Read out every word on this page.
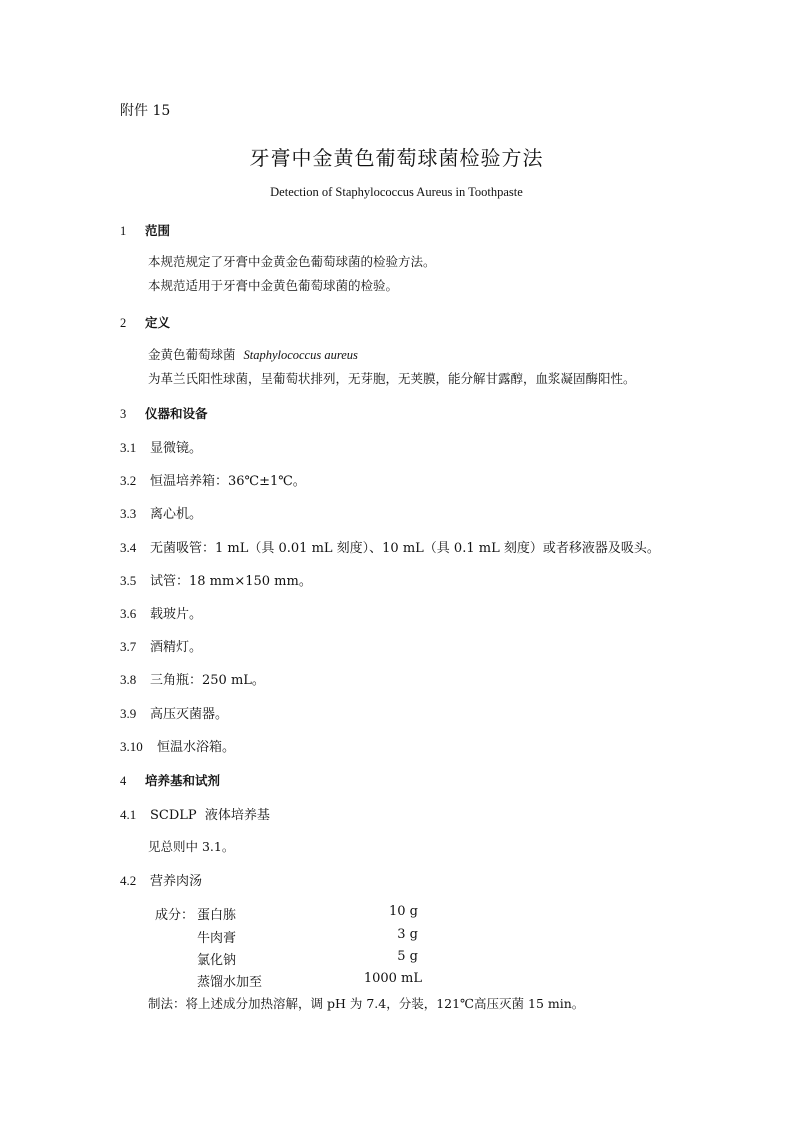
附件 15
牙膏中金黄色葡萄球菌检验方法
Detection of Staphylococcus Aureus in Toothpaste
1 范围
本规范规定了牙膏中金黄金色葡萄球菌的检验方法。
本规范适用于牙膏中金黄色葡萄球菌的检验。
2 定义
金黄色葡萄球菌 Staphylococcus aureus
为革兰氏阳性球菌，呈葡萄状排列，无芽胞，无荚膜，能分解甘露醇，血浆凝固酶阳性。
3 仪器和设备
3.1 显微镜。
3.2 恒温培养箱：36℃±1℃。
3.3 离心机。
3.4 无菌吸管：1 mL（具 0.01 mL 刻度）、10 mL（具 0.1 mL 刻度）或者移液器及吸头。
3.5 试管：18 mm×150 mm。
3.6 载玻片。
3.7 酒精灯。
3.8 三角瓶：250 mL。
3.9 高压灭菌器。
3.10 恒温水浴箱。
4 培养基和试剂
4.1 SCDLP  液体培养基
见总则中 3.1。
4.2 营养肉汤
成分： 蛋白胨	10 g
牛肉膏	3 g
氯化钠	5 g
蒸馏水加至	1000 mL
制法：将上述成分加热溶解，调 pH 为 7.4，分装，121℃高压灭菌 15 min。
